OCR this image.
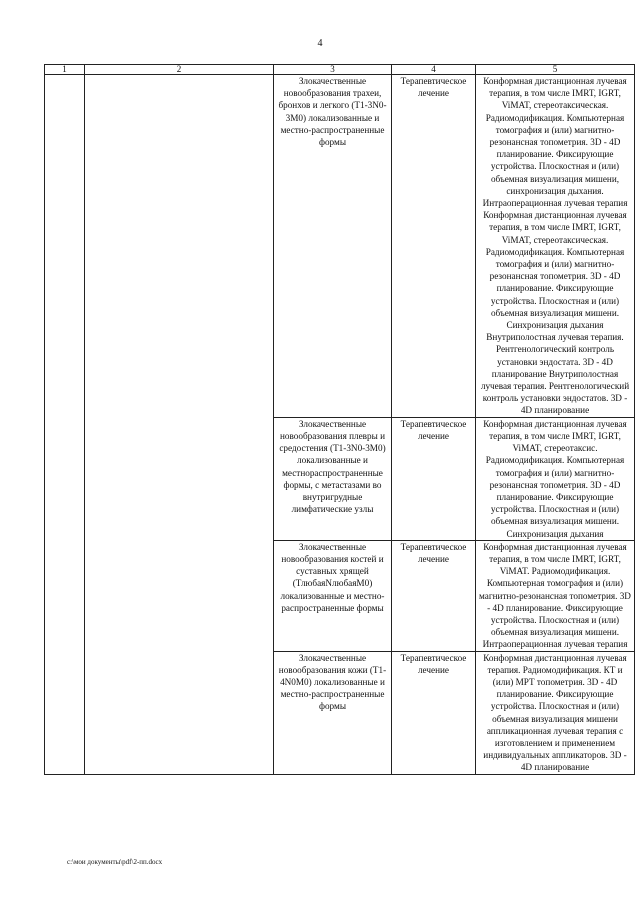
4
1	2	3	4	5
		Злокачественные новообразования трахеи, бронхов и легкого (Т1-3N0-3M0) локализованные и местно-распространенные формы	Терапевтическое лечение	Конформная дистанционная лучевая терапия, в том числе IMRT, IGRT, ViMAT, стереотаксическая. Радиомодификация. Компьютерная томография и (или) магнитно-резонансная топометрия. 3D - 4D планирование. Фиксирующие устройства. Плоскостная и (или) объемная визуализация мишени, синхронизация дыхания. Интраоперационная лучевая терапия Конформная дистанционная лучевая терапия, в том числе IMRT, IGRT, ViMAT, стереотаксическая. Радиомодификация. Компьютерная томография и (или) магнитно-резонансная топометрия. 3D - 4D планирование. Фиксирующие устройства. Плоскостная и (или) объемная визуализация мишени. Синхронизация дыхания Внутриполостная лучевая терапия. Рентгенологический контроль установки эндостата. 3D - 4D планирование Внутриполостная лучевая терапия. Рентгенологический контроль установки эндостатов. 3D - 4D планирование
		Злокачественные новообразования плевры и средостения (Т1-3N0-3M0) локализованные и местнораспространенные формы, с метастазами во внутригрудные лимфатические узлы	Терапевтическое лечение	Конформная дистанционная лучевая терапия, в том числе IMRT, IGRT, ViMAT, стереотаксис. Радиомодификация. Компьютерная томография и (или) магнитно-резонансная топометрия. 3D - 4D планирование. Фиксирующие устройства. Плоскостная и (или) объемная визуализация мишени. Синхронизация дыхания
		Злокачественные новообразования костей и суставных хрящей (ТлюбаяNлюбаяM0) локализованные и местно-распространенные формы	Терапевтическое лечение	Конформная дистанционная лучевая терапия, в том числе IMRT, IGRT, ViMAT. Радиомодификация. Компьютерная томография и (или) магнитно-резонансная топометрия. 3D - 4D планирование. Фиксирующие устройства. Плоскостная и (или) объемная визуализация мишени. Интраоперационная лучевая терапия
		Злокачественные новообразования кожи (Т1-4N0M0) локализованные и местно-распространенные формы	Терапевтическое лечение	Конформная дистанционная лучевая терапия. Радиомодификация. КТ и (или) МРТ топометрия. 3D - 4D планирование. Фиксирующие устройства. Плоскостная и (или) объемная визуализация мишени аппликационная лучевая терапия с изготовлением и применением индивидуальных аппликаторов. 3D - 4D планирование
c:\мои документы\pdf\2-пп.docx
